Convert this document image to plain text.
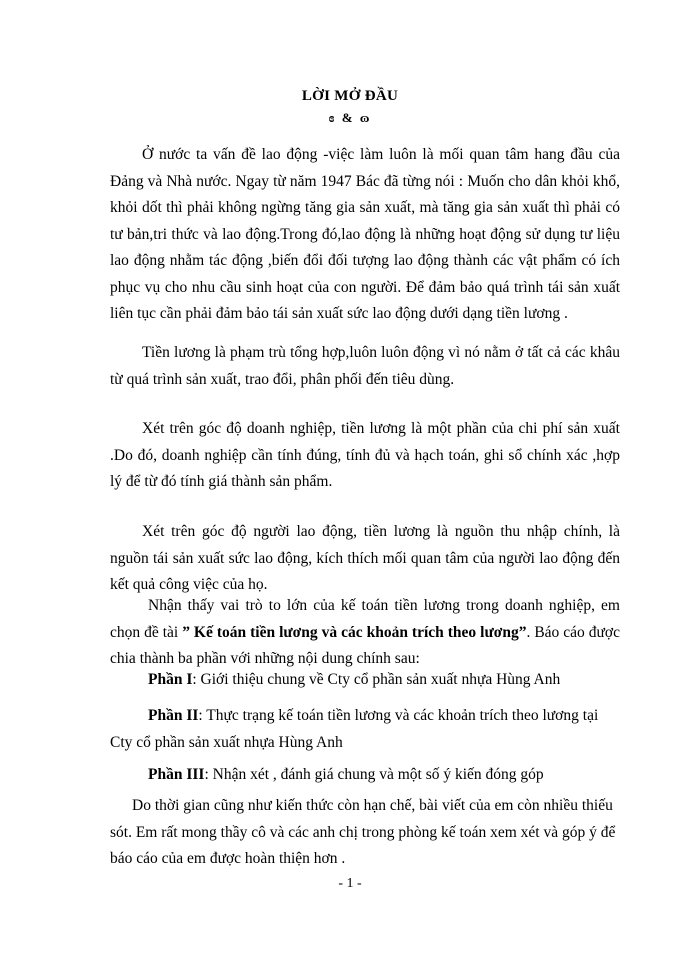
LỜI MỞ ĐẦU
ɞ & ɷ

Ở nước ta vấn đề lao động -việc làm luôn là mối quan tâm hang đầu của Đảng và Nhà nước. Ngay từ năm 1947 Bác đã từng nói : Muốn cho dân khỏi khổ, khỏi dốt thì phải không ngừng tăng gia sản xuất, mà tăng gia sản xuất thì phải có tư bản,tri thức và lao động.Trong đó,lao động là những hoạt động sử dụng tư liệu lao động nhằm tác động ,biến đổi đối tượng lao động thành các vật phẩm có ích phục vụ cho nhu cầu sinh hoạt của con người. Để đảm bảo quá trình tái sản xuất liên tục cần phải đảm bảo tái sản xuất sức lao động dưới dạng tiền lương .

Tiền lương là phạm trù tổng hợp,luôn luôn động vì nó nằm ở tất cả các khâu từ quá trình sản xuất, trao đổi, phân phối đến tiêu dùng.

Xét trên góc độ doanh nghiệp, tiền lương là một phần của chi phí sản xuất .Do đó, doanh nghiệp cần tính đúng, tính đủ và hạch toán, ghi sổ chính xác ,hợp lý để từ đó tính giá thành sản phẩm.

Xét trên góc độ người lao động, tiền lương là nguồn thu nhập chính, là nguồn tái sản xuất sức lao động, kích thích mối quan tâm của người lao động đến kết quả công việc của họ.

Nhận thấy vai trò to lớn của kế toán tiền lương trong doanh nghiệp, em chọn đề tài ” Kế toán tiền lương và các khoản trích theo lương”. Báo cáo được chia thành ba phần với những nội dung chính sau:

Phần I: Giới thiệu chung về Cty cổ phần sản xuất nhựa Hùng Anh

Phần II: Thực trạng kế toán tiền lương và các khoản trích theo lương tại Cty cổ phần sản xuất nhựa Hùng Anh

Phần III: Nhận xét , đánh giá chung và một số ý kiến đóng góp

Do thời gian cũng như kiến thức còn hạn chế, bài viết của em còn nhiều thiếu sót. Em rất mong thầy cô và các anh chị trong phòng kế toán xem xét và góp ý để báo cáo của em được hoàn thiện hơn .

- 1 -
